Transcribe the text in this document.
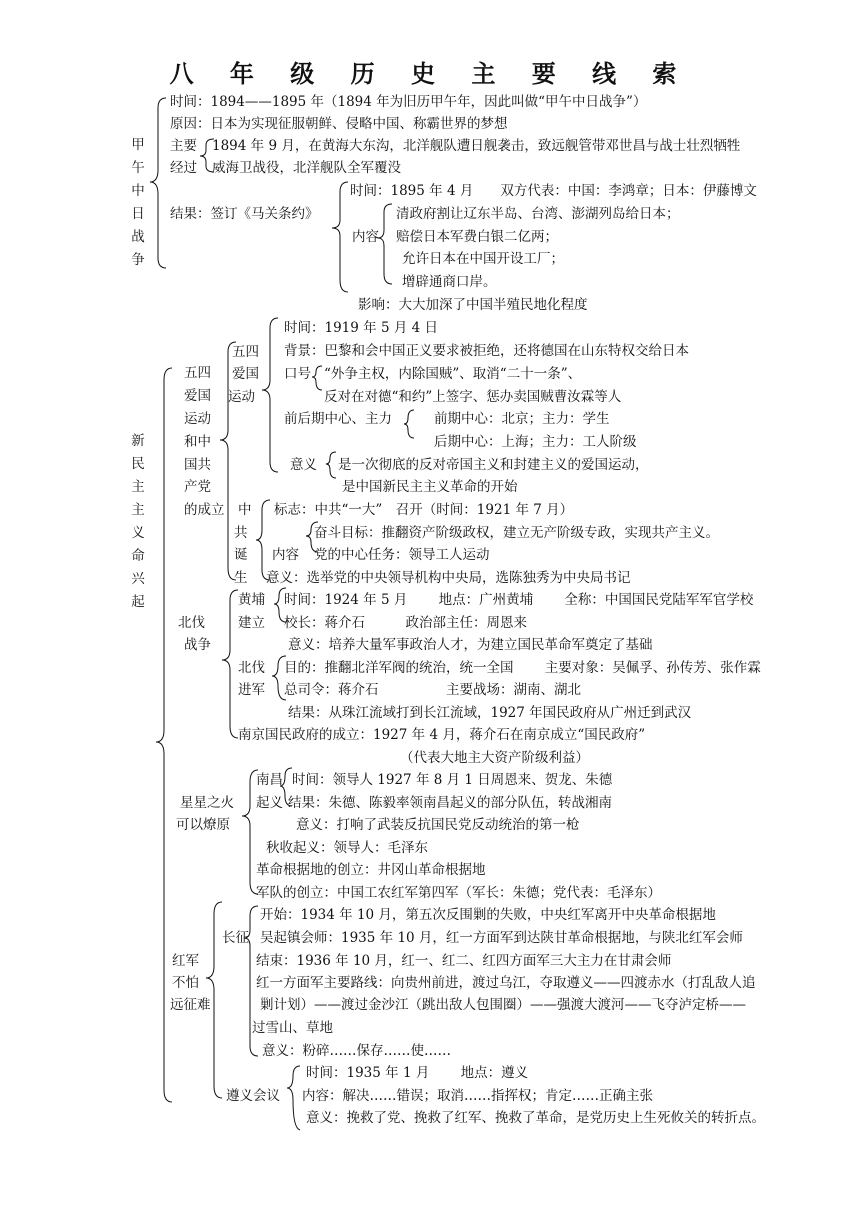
八 年 级 历 史 主 要 线 索
甲午中日战争
时间：1894——1895 年（1894 年为旧历甲午年，因此叫做“甲午中日战争”）
原因：日本为实现征服朝鲜、侵略中国、称霸世界的梦想
主要
经过
1894 年 9 月，在黄海大东沟，北洋舰队遭日舰袭击，致远舰管带邓世昌与战士壮烈牺牲
威海卫战役，北洋舰队全军覆没
结果：签订《马关条约》
时间：1895 年 4 月　　双方代表：中国：李鸿章；日本：伊藤博文
内容
清政府割让辽东半岛、台湾、澎湖列岛给日本；
赔偿日本军费白银二亿两；
允许日本在中国开设工厂；
增辟通商口岸。
影响：大大加深了中国半殖民地化程度
新民主主义命兴起
五四
爱国
运动
和中
国共
产党
的成立
五四
爱国
运动
时间：1919 年 5 月 4 日
背景：巴黎和会中国正义要求被拒绝，还将德国在山东特权交给日本
口号 “外争主权，内除国贼”、取消“二十一条”、
反对在对德“和约”上签字、惩办卖国贼曹汝霖等人
前后期中心、主力	前期中心：北京；主力：学生
后期中心：上海；主力：工人阶级
意义 是一次彻底的反对帝国主义和封建主义的爱国运动，
是中国新民主主义革命的开始
中
共
诞
生
标志：中共“一大”　召开（时间：1921 年 7 月）
内容
奋斗目标：推翻资产阶级政权，建立无产阶级专政，实现共产主义。
党的中心任务：领导工人运动
意义：选举党的中央领导机构中央局，选陈独秀为中央局书记
北伐
战争
黄埔
建立
时间：1924 年 5 月　　 地点：广州黄埔　　 全称：中国国民党陆军军官学校
校长：蒋介石　　　政治部主任：周恩来
意义：培养大量军事政治人才，为建立国民革命军奠定了基础
北伐
进军
目的：推翻北洋军阀的统治，统一全国　　 主要对象：吴佩孚、孙传芳、张作霖
总司令：蒋介石　　　　　主要战场：湖南、湖北
结果：从珠江流域打到长江流域，1927 年国民政府从广州迁到武汉
南京国民政府的成立：1927 年 4 月，蒋介石在南京成立“国民政府”
（代表大地主大资产阶级利益）
星星之火
可以燎原
南昌
起义
时间：领导人 1927 年 8 月 1 日周恩来、贺龙、朱德
结果：朱德、陈毅率领南昌起义的部分队伍，转战湘南
意义：打响了武装反抗国民党反动统治的第一枪
秋收起义：领导人：毛泽东
革命根据地的创立：井冈山革命根据地
军队的创立：中国工农红军第四军（军长：朱德；党代表：毛泽东）
红军
不怕
远征难
长征
开始：1934 年 10 月，第五次反围剿的失败，中央红军离开中央革命根据地
吴起镇会师：1935 年 10 月，红一方面军到达陕甘革命根据地，与陕北红军会师
结束：1936 年 10 月，红一、红二、红四方面军三大主力在甘肃会师
红一方面军主要路线：向贵州前进，渡过乌江，夺取遵义——四渡赤水（打乱敌人追
剿计划）——渡过金沙江（跳出敌人包围圈）——强渡大渡河——飞夺泸定桥——
过雪山、草地
意义：粉碎……保存……使……
遵义会议
时间：1935 年 1 月　　 地点：遵义
内容：解决……错误；取消……指挥权；肯定……正确主张
意义：挽救了党、挽救了红军、挽救了革命，是党历史上生死攸关的转折点。
